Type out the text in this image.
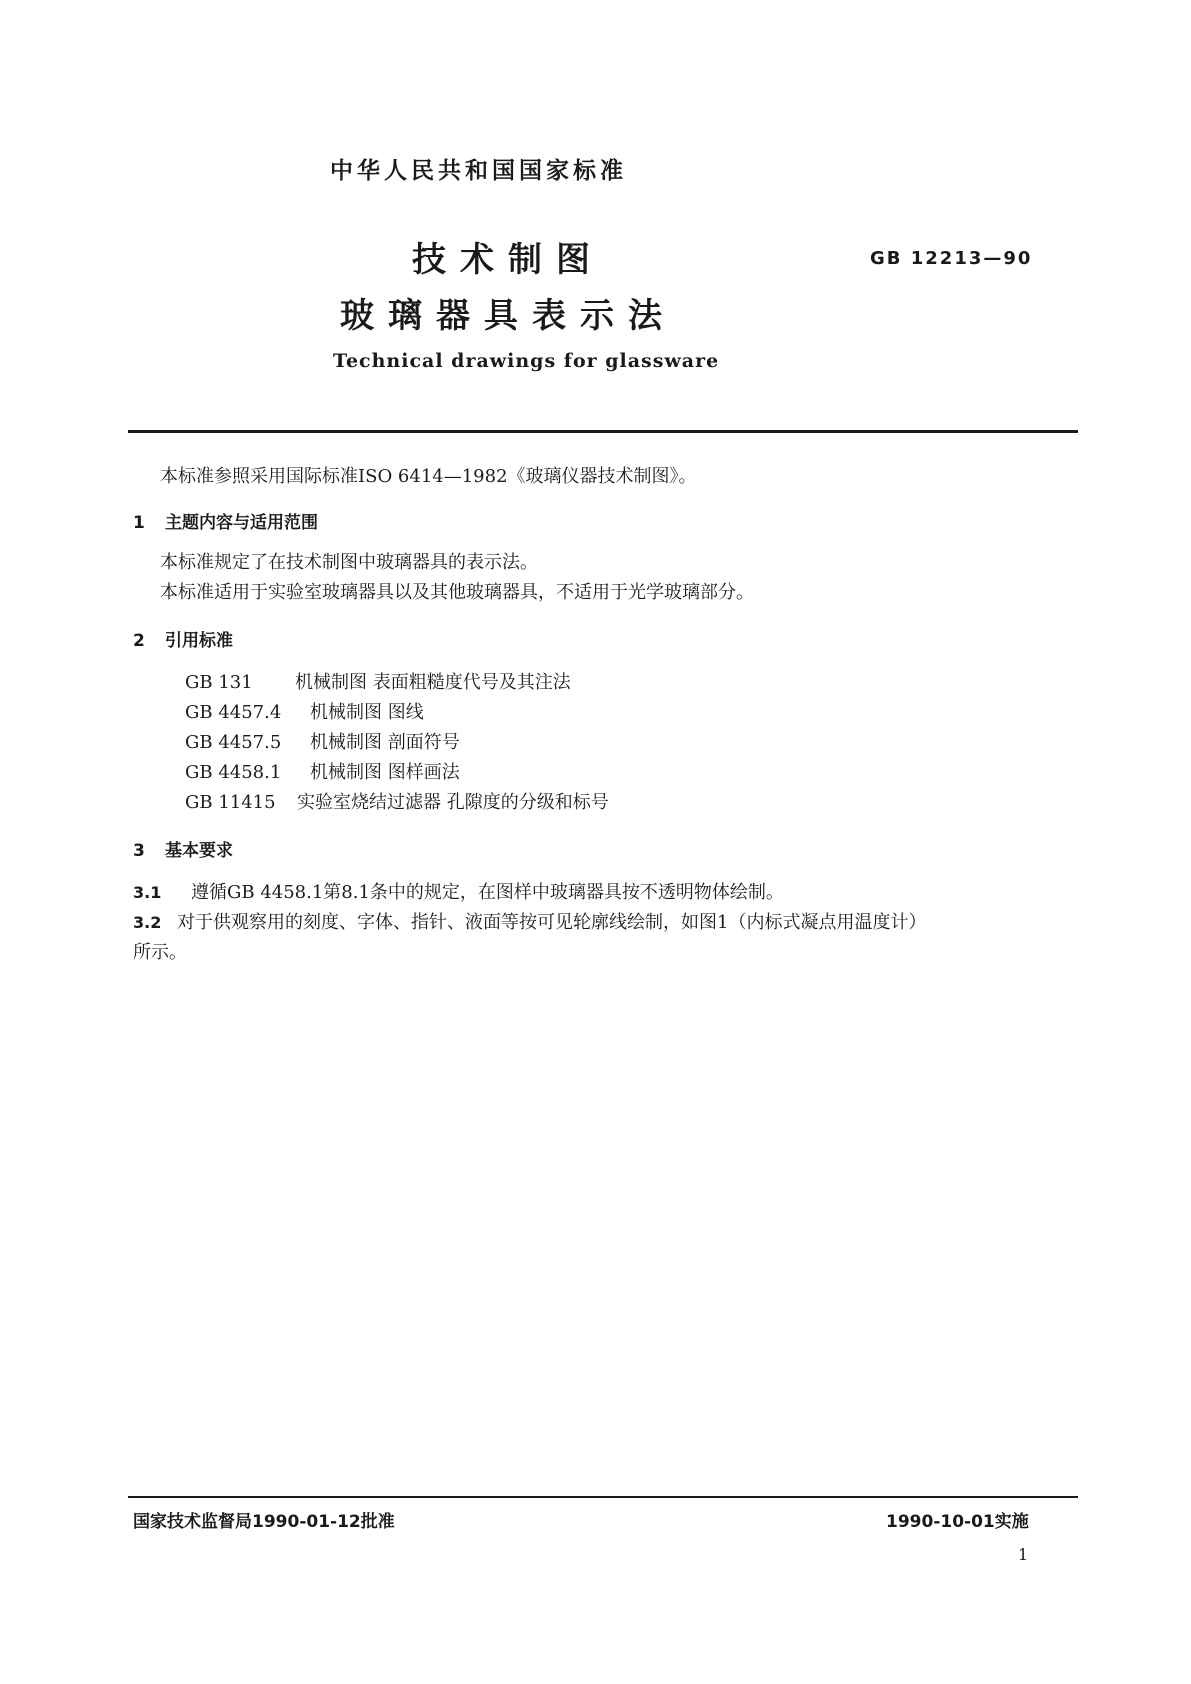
中华人民共和国国家标准
技术制图
玻璃器具表示法
GB 12213—90
Technical drawings for glassware
本标准参照采用国际标准ISO 6414—1982《玻璃仪器技术制图》。
1 主题内容与适用范围
本标准规定了在技术制图中玻璃器具的表示法。
本标准适用于实验室玻璃器具以及其他玻璃器具，不适用于光学玻璃部分。
2 引用标准
GB 131 机械制图 表面粗糙度代号及其注法
GB 4457.4 机械制图 图线
GB 4457.5 机械制图 剖面符号
GB 4458.1 机械制图 图样画法
GB 11415 实验室烧结过滤器 孔隙度的分级和标号
3 基本要求
3.1 遵循GB 4458.1第8.1条中的规定，在图样中玻璃器具按不透明物体绘制。
3.2 对于供观察用的刻度、字体、指针、液面等按可见轮廓线绘制，如图1（内标式凝点用温度计）
所示。
国家技术监督局1990-01-12批准	1990-10-01实施
1
